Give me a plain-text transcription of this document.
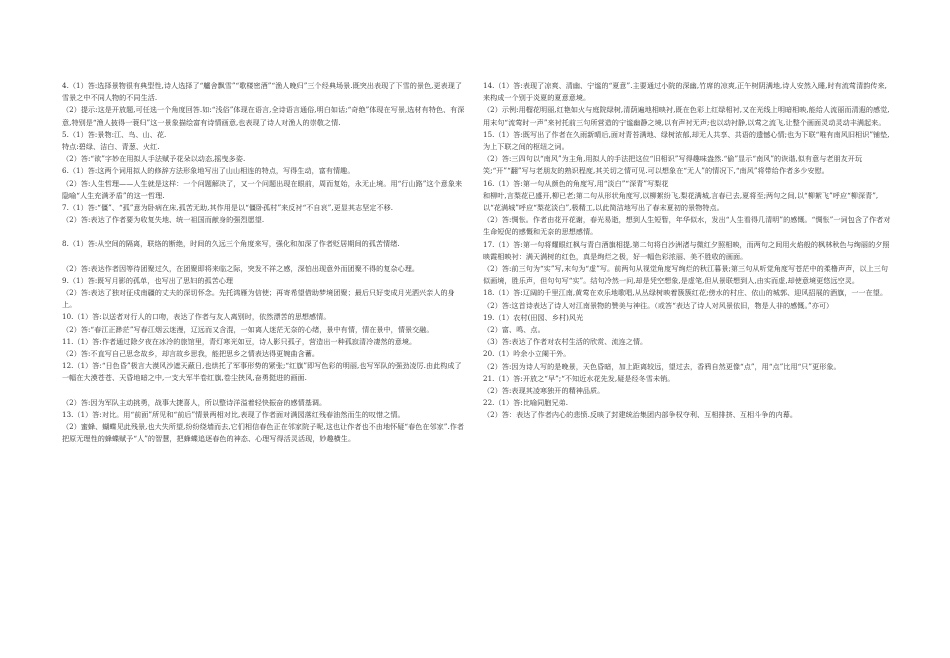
4.（1）答:选择景物很有典型性,诗人选择了“艫舍飘雪”“歌楼密酒”“渔人晚归”三个经典场景.既突出表现了下雪的景色,更表现了雪景之中不同人物的不同生活.

（2）提示:这是开放题,可任选一个角度回答.如:“浅俗”体现在语言,全诗语言通俗,明白如话;“奇绝”体现在写景,选材有特色、有深意,特别是“渔人披得一蓑归”这一景象描绘富有诗情画意,也表现了诗人对渔人的崇敬之情.

5.（1）答:景物:江、鸟、山、花.

特点:碧绿、洁白、青葱、火红.

（2）答:“欲”字妙在用拟人手法赋予花朵以动态,摇曳多姿.

6.（1）答:这两个词用拟人的修辞方法形象地写出了山山相连的特点，写得生动，富有情趣。

（2）答:人生哲理——人生就是这样：一个问题解决了，又一个问题出现在眼前，周而复始，永无止境。用“行山路”这个意象来隐喻“人生充满矛盾”的这一哲理.

7.（1）答:“僵”、“孤”意为卧病在床,孤苦无助,其作用是以“僵卧孤村”来反衬“不自哀”,更显其志坚定不移.

（2）答:表达了作者要为收复失地、统一祖国而献身的强烈愿望.

8.（1）答:从空间的隔离，联络的断绝，时间的久远三个角度来写，强化和加深了作者贬居期间的孤苦情绪.

（2）答:表达作者因等待团聚过久，在团聚即将来临之际，突发不祥之感，深怕出现意外而团聚不得的复杂心理。

9.（1）答:既写月影的孤单，也写出了思妇的孤苦心理

（2）答:表达了独对征戍南疆的丈夫的深切怀念。先托鸿雁为信使；再寄希望借助梦境团聚；最后只好变成月光洒兴亲人的身上。

10.（1）答:以送者对行人的口吻，表达了作者与友人离别时，依然漂苦的思想感情。

（2）答:“春江正渺茫”写春江烟云迷漫，辽远而又含混，一如离人迷茫无奈的心绪，景中有情，情在景中，情景交融。

11.（1）答:作者通过除夕夜在冰冷的旅馆里，青灯寒光如豆，诗人影只孤孑，营造出一种孤寂清冷凄然的意境。

（2）答:不直写自己思念故乡，却言故乡思我，能把思乡之情表达得更婉曲含蓄。

12.（1）答:“日色昏”极言大漠风沙遮天蔽日,也烘托了军事形势的紧张;“红旗”即写色彩的明丽,也写军队的强劲凌厉.由此构成了一幅在大漠苍苍、天昏地暗之中,一支大军半卷红旗,卷尘挟风,奋勇挺进的画面.

（2）答:因为军队主动挑勇，战事大捷喜人，所以整诗洋溢着轻快振奋的感情基调。

13.（1）答:对比。用“前面”所见和“前后”情景两相对比,表现了作者面对满园落红残春油然而生的叹惜之情。

（2）蜜蜂、蝴蝶见此残景,也大失所望,纷纷绕墙而去,它们相信春色正在邻家院子呢,这也让作者也不由地怀疑“春色在邻家”.作者把原无理性的蜂蝶赋予“人”的智慧，把蜂蝶追逐春色的神态、心理写得活灵活现，妙趣横生。

14.（1）答:表现了凉爽、清幽、宁谧的“夏意”.主要通过小院的深幽,竹席的凉爽,正午树阴满地,诗人安然入睡,时有流莺清韵传来,来构成一个别于炎夏的夏意意境。

（2）示例:用榴花明丽,红艳如火与庭院绿树,清荫遍地相映衬,既在色彩上红绿相衬,又在光线上明暗相映,能给人流丽而清遐的感觉,用末句“流莺时一声”来衬托前三句所营造的宁谧幽静之境,以有声衬无声;也以动衬静,以莺之流飞,让整个画面灵动灵动丰满起来。

15.（1）答:既写出了作者在久雨新晴后,面对青苔满地、绿树浓郁,却无人共享、共语的遗憾心情;也为下联“唯有南风旧相识”铺垫,为上下联之间的枢纽之词。

（2）答:三四句以“南风”为主角,用拟人的手法把这位“旧相识”写得趣味盎然.“偷”显示“南风”的诙谐,似有意与老朋友开玩笑;“开”“翻”写与老朋友的熟识程度,其关切之情可见.可以想象在“无人”的情况下,“南风”将带给作者多少安慰。

16.（1）答:第一句从颜色的角度写,用“淡白”“深青”写梨花

和柳叶,言梨花已盛开,柳已老;第二句从形状角度写,以柳絮纷飞,梨花满城,言春已去,夏将至;两句之间,以“柳絮飞”呼应“柳深青”,以“花满城”呼应“梨花淡白”,极精工,以此简洁地写出了春末夏初的景物特点。

（2）答:惆怅。作者由花开花谢，春光易逝，想到人生短暂，年华似水，发出“人生看得几清明”的感慨。“惆怅”一词包含了作者对生命短促的感慨和无奈的思想感情。

17.（1）答:第一句将耀眼红枫与青白酒旗相提,第二句将白沙洲渚与微红夕照相映，而两句之间用火焰般的枫林秋色与绚丽的夕照映霞相映衬：满天满树的红色，真是绚烂之极，好一幅色彩浓丽、美不胜收的画面。

（2）答:前三句为“实”写,末句为“虚”写。前两句从视觉角度写绚烂的秋江暮景;第三句从听觉角度写苍茫中的柔橹声声，以上三句似画境，胜乐声，但句句写“实”。结句冷然一问,却是凭空想象,是虚笔,但从景联想到人,由实而虚,却使意境更悠远空灵。

18.（1）答:辽阔的千里江南,黄莺在欢乐地歌唱,从丛绿树映着簇簇红花;傍水的村庄、依山的城郭、迎风招展的酒旗，一一在望。

（2）答:这首诗表达了诗人对江南景物的赞美与神往。（或答“表达了诗人对风景依旧，物是人非的感慨。”亦可）

19.（1）农村(田园、乡村)风光

（2）富、鸣、点。

（3）答:表达了作者对农村生活的欣赏、流连之情。

20.（1）吟余小立阑干外。

（2）答:因为诗人写的是晚景，天色昏暗，加上距离较远，望过去，香鸦自然更像“点”，用“点”比用“只”更形象。

21.（1）答:开放之“早”;“不知近水花先发,疑是经冬雪未销。

（2）答:表现其凌寒独开的精神品质。

22.（1）答:比喻同胞兄弟.

（2）答：表达了作者内心的悲愤.反映了封建统治集团内部争权夺利、互相排挤、互相斗争的内幕。
